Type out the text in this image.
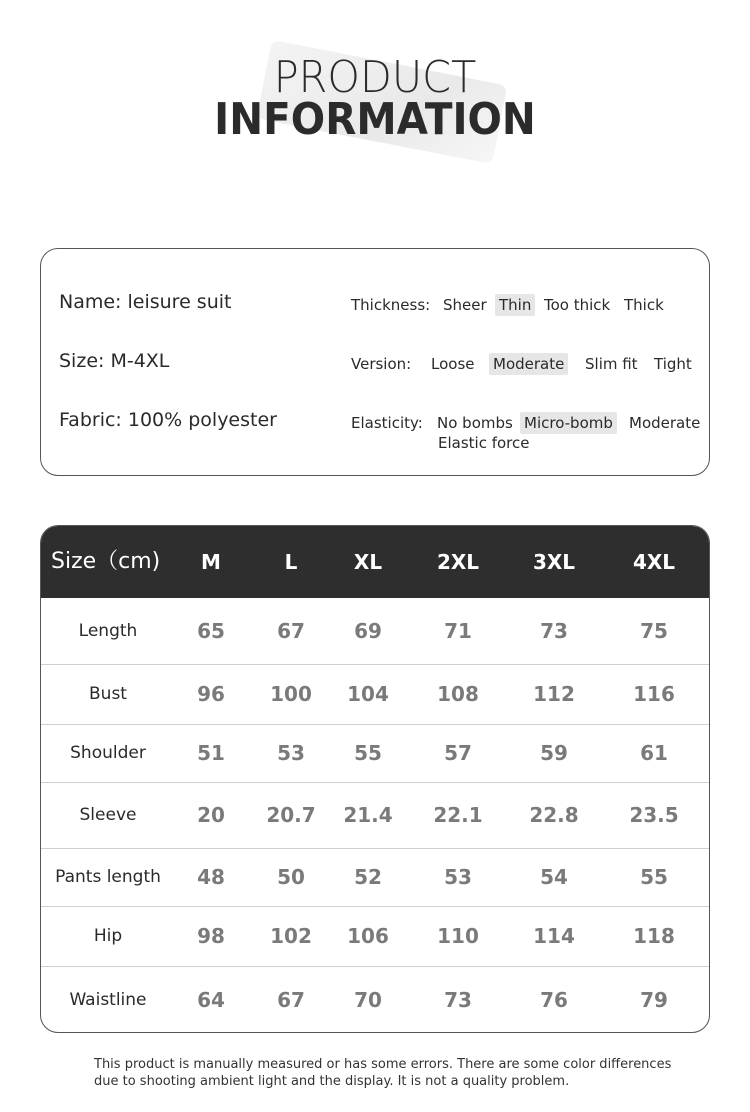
PRODUCT
INFORMATION
Name: leisure suit
Size: M-4XL
Fabric: 100% polyester
Thickness: Sheer Thin Too thick Thick
Version: Loose Moderate Slim fit Tight
Elasticity: No bombs Micro-bomb Moderate
Elastic force
Size（cm)	M	L	XL	2XL	3XL	4XL
Length	65	67	69	71	73	75
Bust	96	100	104	108	112	116
Shoulder	51	53	55	57	59	61
Sleeve	20	20.7	21.4	22.1	22.8	23.5
Pants length	48	50	52	53	54	55
Hip	98	102	106	110	114	118
Waistline	64	67	70	73	76	79
This product is manually measured or has some errors. There are some color differences due to shooting ambient light and the display. It is not a quality problem.
